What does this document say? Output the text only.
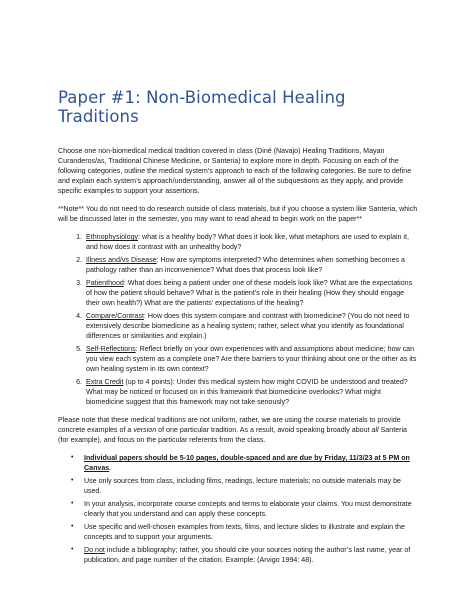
Paper #1: Non-Biomedical Healing Traditions

Choose one non-biomedical medical tradition covered in class (Diné (Navajo) Healing Traditions, Mayan Curanderos/as, Traditional Chinese Medicine, or Santeria) to explore more in depth. Focusing on each of the following categories, outline the medical system’s approach to each of the following categories. Be sure to define and explain each system’s approach/understanding, answer all of the subquestions as they apply, and provide specific examples to support your assertions.

**Note** You do not need to do research outside of class materials, but if you choose a system like Santeria, which will be discussed later in the semester, you may want to read ahead to begin work on the paper**

1. Ethnophysiology: what is a healthy body? What does it look like, what metaphors are used to explain it, and how does it contrast with an unhealthy body?
2. Illness and/vs Disease: How are symptoms interpreted? Who determines when something becomes a pathology rather than an inconvenience? What does that process look like?
3. Patienthood: What does being a patient under one of these models look like? What are the expectations of how the patient should behave? What is the patient’s role in their healing (How they should engage their own health?) What are the patients’ expectations of the healing?
4. Compare/Contrast: How does this system compare and contrast with biomedicine? (You do not need to extensively describe biomedicine as a healing system; rather, select what you identify as foundational differences or similarities and explain.)
5. Self-Reflections: Reflect briefly on your own experiences with and assumptions about medicine; how can you view each system as a complete one? Are there barriers to your thinking about one or the other as its own healing system in its own context?
6. Extra Credit (up to 4 points): Under this medical system how might COVID be understood and treated? What may be noticed or focused on in this framework that biomedicine overlooks? What might biomedicine suggest that this framework may not take seriously?

Please note that these medical traditions are not uniform, rather, we are using the course materials to provide concrete examples of a version of one particular tradition. As a result, avoid speaking broadly about all Santeria (for example), and focus on the particular referents from the class.

• Individual papers should be 5-10 pages, double-spaced and are due by Friday, 11/3/23 at 5 PM on Canvas.
• Use only sources from class, including films, readings, lecture materials; no outside materials may be used.
• In your analysis, incorporate course concepts and terms to elaborate your claims. You must demonstrate clearly that you understand and can apply these concepts.
• Use specific and well-chosen examples from texts, films, and lecture slides to illustrate and explain the concepts and to support your arguments.
• Do not include a bibliography; rather, you should cite your sources noting the author’s last name, year of publication, and page number of the citation. Example: (Arvigo 1994: 48).
